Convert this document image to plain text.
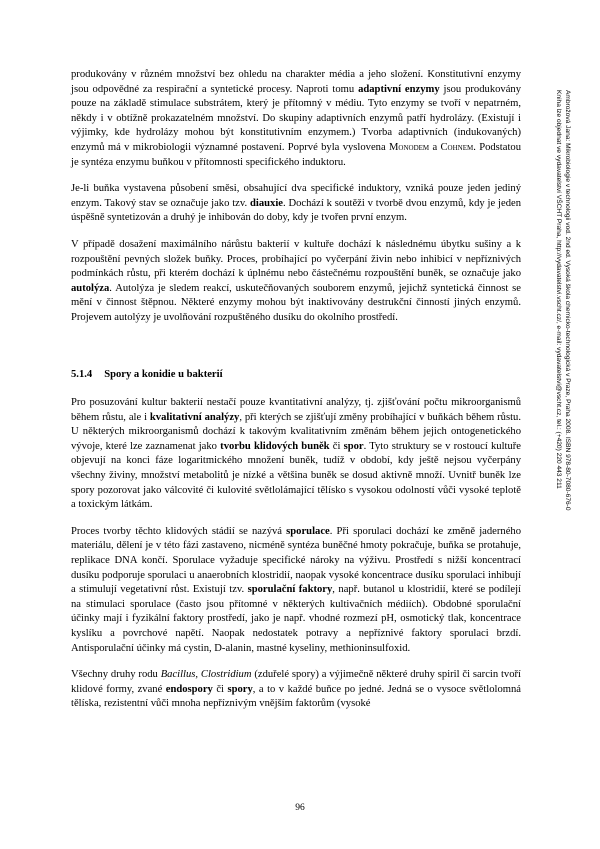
Ambrožová Jana: Mikrobiologie v technologii vod. 2nd ed. Vysoká škola chemicko-technologická v Praze, Praha 2008. ISBN 978-80-7080-676-0
Kniha lze objednat ve vydavatelství VŠCHT Praha, http://vydavatelstvi.vscht.cz/, e-mail: vydavatelstvi@vscht.cz, tel.: (+420) 220 443 211

produkovány v různém množství bez ohledu na charakter média a jeho složení. Konstitutivní enzymy jsou odpovědné za respirační a syntetické procesy. Naproti tomu adaptivní enzymy jsou produkovány pouze na základě stimulace substrátem, který je přítomný v médiu. Tyto enzymy se tvoří v nepatrném, někdy i v obtížně prokazatelném množství. Do skupiny adaptivních enzymů patří hydrolázy. (Existují i výjimky, kde hydrolázy mohou být konstitutivním enzymem.) Tvorba adaptivních (indukovaných) enzymů má v mikrobiologii významné postavení. Poprvé byla vyslovena Monodem a Cohnem. Podstatou je syntéza enzymu buňkou v přítomnosti specifického induktoru.

Je-li buňka vystavena působení směsi, obsahující dva specifické induktory, vzniká pouze jeden jediný enzym. Takový stav se označuje jako tzv. diauxie. Dochází k soutěži v tvorbě dvou enzymů, kdy je jeden úspěšně syntetizován a druhý je inhibován do doby, kdy je tvořen první enzym.

V případě dosažení maximálního nárůstu bakterií v kultuře dochází k následnému úbytku sušiny a k rozpouštění pevných složek buňky. Proces, probíhající po vyčerpání živin nebo inhibicí v nepříznivých podmínkách růstu, při kterém dochází k úplnému nebo částečnému rozpouštění buněk, se označuje jako autolýza. Autolýza je sledem reakcí, uskutečňovaných souborem enzymů, jejichž syntetická činnost se mění v činnost štěpnou. Některé enzymy mohou být inaktivovány destrukční činností jiných enzymů. Projevem autolýzy je uvolňování rozpuštěného dusíku do okolního prostředí.

5.1.4 Spory a konidie u bakterií

Pro posuzování kultur bakterií nestačí pouze kvantitativní analýzy, tj. zjišťování počtu mikroorganismů během růstu, ale i kvalitativní analýzy, při kterých se zjišťují změny probíhající v buňkách během růstu. U některých mikroorganismů dochází k takovým kvalitativním změnám během jejich ontogenetického vývoje, které lze zaznamenat jako tvorbu klidových buněk či spor. Tyto struktury se v rostoucí kultuře objevují na konci fáze logaritmického množení buněk, tudíž v období, kdy ještě nejsou vyčerpány všechny živiny, množství metabolitů je nízké a většina buněk se dosud aktivně množí. Uvnitř buněk lze spory pozorovat jako válcovité či kulovité světlolámající tělísko s vysokou odolností vůči vysoké teplotě a toxickým látkám.

Proces tvorby těchto klidových stádií se nazývá sporulace. Při sporulaci dochází ke změně jaderného materiálu, dělení je v této fázi zastaveno, nicméně syntéza buněčné hmoty pokračuje, buňka se protahuje, replikace DNA končí. Sporulace vyžaduje specifické nároky na výživu. Prostředí s nižší koncentrací dusíku podporuje sporulaci u anaerobních klostridií, naopak vysoké koncentrace dusíku sporulaci inhibují a stimulují vegetativní růst. Existují tzv. sporulační faktory, např. butanol u klostridií, které se podílejí na stimulaci sporulace (často jsou přítomné v některých kultivačních médiích). Obdobné sporulační účinky mají i fyzikální faktory prostředí, jako je např. vhodné rozmezí pH, osmotický tlak, koncentrace kyslíku a povrchové napětí. Naopak nedostatek potravy a nepříznivé faktory sporulaci brzdí. Antisporulační účinky má cystin, D-alanin, mastné kyseliny, methioninsulfoxid.

Všechny druhy rodu Bacillus, Clostridium (zduřelé spory) a výjimečně některé druhy spiril či sarcin tvoří klidové formy, zvané endospory či spory, a to v každé buňce po jedné. Jedná se o vysoce světlolomná tělíska, rezistentní vůči mnoha nepříznivým vnějším faktorům (vysoké

96
